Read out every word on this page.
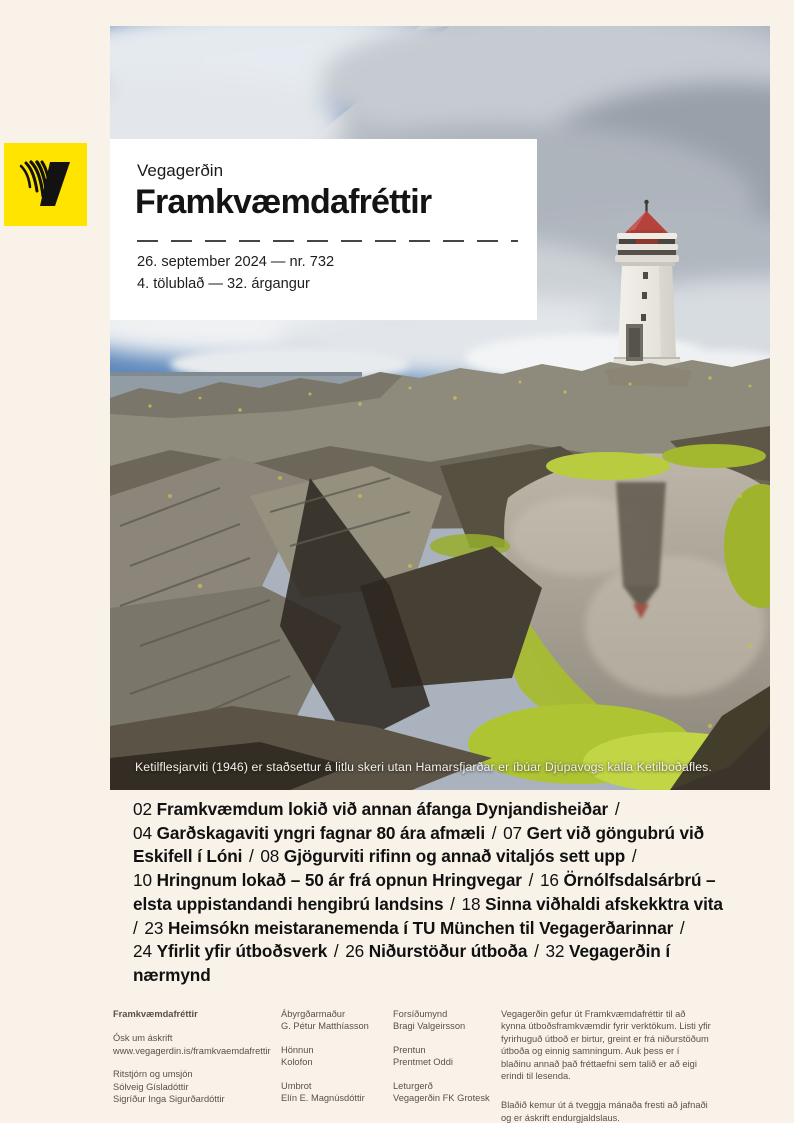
Ketilflesjarviti (1946) er staðsettur á litlu skeri utan Hamarsfjarðar er íbúar Djúpavogs kalla Ketilboðafles.
Vegagerðin
Framkvæmdafréttir
26. september 2024 — nr. 732
4. tölublað — 32. árgangur
02 Framkvæmdum lokið við annan áfanga Dynjandisheiðar / 04 Garðskagaviti yngri fagnar 80 ára afmæli / 07 Gert við göngubrú við Eskifell í Lóni / 08 Gjögurviti rifinn og annað vitaljós sett upp / 10 Hringnum lokað – 50 ár frá opnun Hringvegar / 16 Örnólfsdalsárbrú – elsta uppistandandi hengibrú landsins / 18 Sinna viðhaldi afskekktra vita / 23 Heimsókn meistaranemenda í TU München til Vegagerðarinnar / 24 Yfirlit yfir útboðsverk / 26 Niðurstöður útboða / 32 Vegagerðin í nærmynd
Framkvæmdafréttir
Ósk um áskrift
www.vegagerdin.is/framkvaemdafrettir
Ritstjórn og umsjón
Sólveig Gísladóttir
Sigríður Inga Sigurðardóttir
Ábyrgðarmaður
G. Pétur Matthíasson
Hönnun
Kolofon
Umbrot
Elín E. Magnúsdóttir
Forsíðumynd
Bragi Valgeirsson
Prentun
Prentmet Oddi
Leturgerð
Vegagerðin FK Grotesk

Vegagerðin gefur út Framkvæmdafréttir til að kynna útboðsframkvæmdir fyrir verktökum. Listi yfir fyrirhuguð útboð er birtur, greint er frá niðurstöðum útboða og einnig samningum. Auk þess er í blaðinu annað það fréttaefni sem talið er að eigi erindi til lesenda.

Blaðið kemur út á tveggja mánaða fresti að jafnaði og er áskrift endurgjaldslaus.
